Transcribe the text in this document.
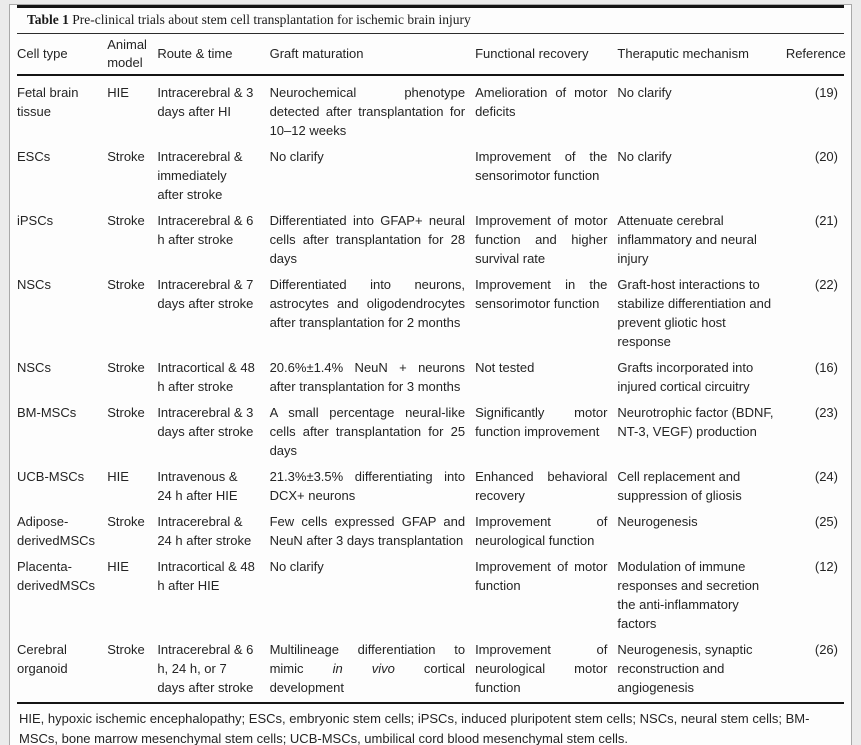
Table 1 Pre-clinical trials about stem cell transplantation for ischemic brain injury
Cell type	Animal model	Route & time	Graft maturation	Functional recovery	Theraputic mechanism	Reference
Fetal brain tissue	HIE	Intracerebral & 3 days after HI	Neurochemical phenotype detected after transplantation for 10–12 weeks	Amelioration of motor deficits	No clarify	(19)
ESCs	Stroke	Intracerebral & immediately after stroke	No clarify	Improvement of the sensorimotor function	No clarify	(20)
iPSCs	Stroke	Intracerebral & 6 h after stroke	Differentiated into GFAP+ neural cells after transplantation for 28 days	Improvement of motor function and higher survival rate	Attenuate cerebral inflammatory and neural injury	(21)
NSCs	Stroke	Intracerebral & 7 days after stroke	Differentiated into neurons, astrocytes and oligodendrocytes after transplantation for 2 months	Improvement in the sensorimotor function	Graft-host interactions to stabilize differentiation and prevent gliotic host response	(22)
NSCs	Stroke	Intracortical & 48 h after stroke	20.6%±1.4% NeuN + neurons after transplantation for 3 months	Not tested	Grafts incorporated into injured cortical circuitry	(16)
BM-MSCs	Stroke	Intracerebral & 3 days after stroke	A small percentage neural-like cells after transplantation for 25 days	Significantly motor function improvement	Neurotrophic factor (BDNF, NT-3, VEGF) production	(23)
UCB-MSCs	HIE	Intravenous & 24 h after HIE	21.3%±3.5% differentiating into DCX+ neurons	Enhanced behavioral recovery	Cell replacement and suppression of gliosis	(24)
Adipose-derivedMSCs	Stroke	Intracerebral & 24 h after stroke	Few cells expressed GFAP and NeuN after 3 days transplantation	Improvement of neurological function	Neurogenesis	(25)
Placenta-derivedMSCs	HIE	Intracortical & 48 h after HIE	No clarify	Improvement of motor function	Modulation of immune responses and secretion the anti-inflammatory factors	(12)
Cerebral organoid	Stroke	Intracerebral & 6 h, 24 h, or 7 days after stroke	Multilineage differentiation to mimic in vivo cortical development	Improvement of neurological motor function	Neurogenesis, synaptic reconstruction and angiogenesis	(26)
HIE, hypoxic ischemic encephalopathy; ESCs, embryonic stem cells; iPSCs, induced pluripotent stem cells; NSCs, neural stem cells; BM-MSCs, bone marrow mesenchymal stem cells; UCB-MSCs, umbilical cord blood mesenchymal stem cells.
